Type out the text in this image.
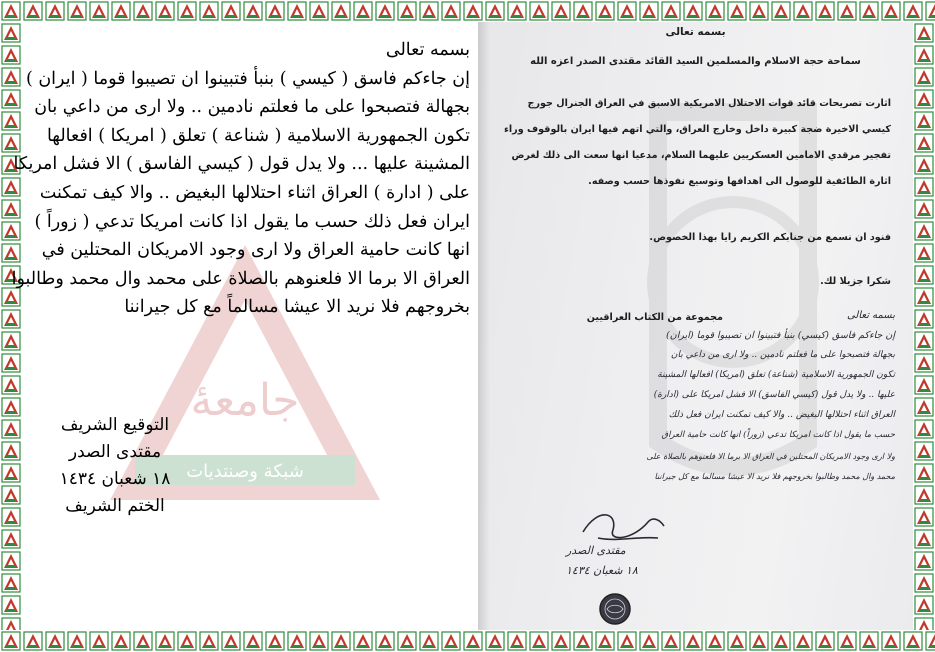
جامعهٔ
شبكة وصنتديات

بسمه تعالى

إن جاءكم فاسق ( كيسي ) بنبأ فتبينوا ان تصيبوا قوما ( ايران )

بجهالة فتصبحوا على ما فعلتم نادمين .. ولا ارى من داعي بان

تكون الجمهورية الاسلامية ( شناعة ) تعلق ( امريكا ) افعالها

المشينة عليها ... ولا يدل قول ( كيسي الفاسق ) الا فشل امريكا

على ( ادارة ) العراق اثناء احتلالها البغيض .. والا كيف تمكنت

ايران فعل ذلك حسب ما يقول اذا كانت امريكا تدعي ( زوراً )

انها كانت حامية العراق ولا ارى وجود الامريكان المحتلين في

العراق الا برما الا فلعنوهم بالصلاة على محمد وال محمد وطالبوا

بخروجهم فلا نريد الا عيشا مسالماً مع كل جيراننا

التوقيع الشريف

مقتدى الصدر

١٨ شعبان ١٤٣٤

الختم الشريف

بسمه تعالى
سماحة حجة الاسلام والمسلمين السيد القائد مقتدى الصدر اعزه الله
اثارت تصريحات قائد قوات الاحتلال الامريكية الاسبق في العراق الجنرال جورج
كيسي الاخيرة ضجة كبيرة داخل وخارج العراق، والتي اتهم فيها ايران بالوقوف وراء
تفجير مرقدي الامامين العسكريين عليهما السلام، مدعيا انها سعت الى ذلك لغرض
اثارة الطائفية للوصول الى اهدافها وتوسيع نفوذها حسب وصفه.
فنود ان نسمع من جنابكم الكريم رايا بهذا الخصوص.
شكرا جزيلا لك.
مجموعة من الكتاب العراقيين	بسمه تعالى
إن جاءكم فاسق (كيسي) بنبأ فتبينوا ان تصيبوا قوما (ايران)
بجهالة فتصبحوا على ما فعلتم نادمين .. ولا ارى من داعي بان
تكون الجمهورية الاسلامية (شناعة) تعلق (امريكا) افعالها المشينة
عليها .. ولا يدل قول (كيسي الفاسق) الا فشل امريكا على (ادارة)
العراق اثناء احتلالها البغيض .. والا كيف تمكنت ايران فعل ذلك
حسب ما يقول اذا كانت امريكا تدعي (زوراً) انها كانت حامية العراق
ولا ارى وجود الامريكان المحتلين في العراق الا برما الا فلعنوهم بالصلاة على
محمد وال محمد وطالبوا بخروجهم فلا نريد الا عيشا مسالما مع كل جيراننا
مقتدى الصدر
١٨ شعبان ١٤٣٤
